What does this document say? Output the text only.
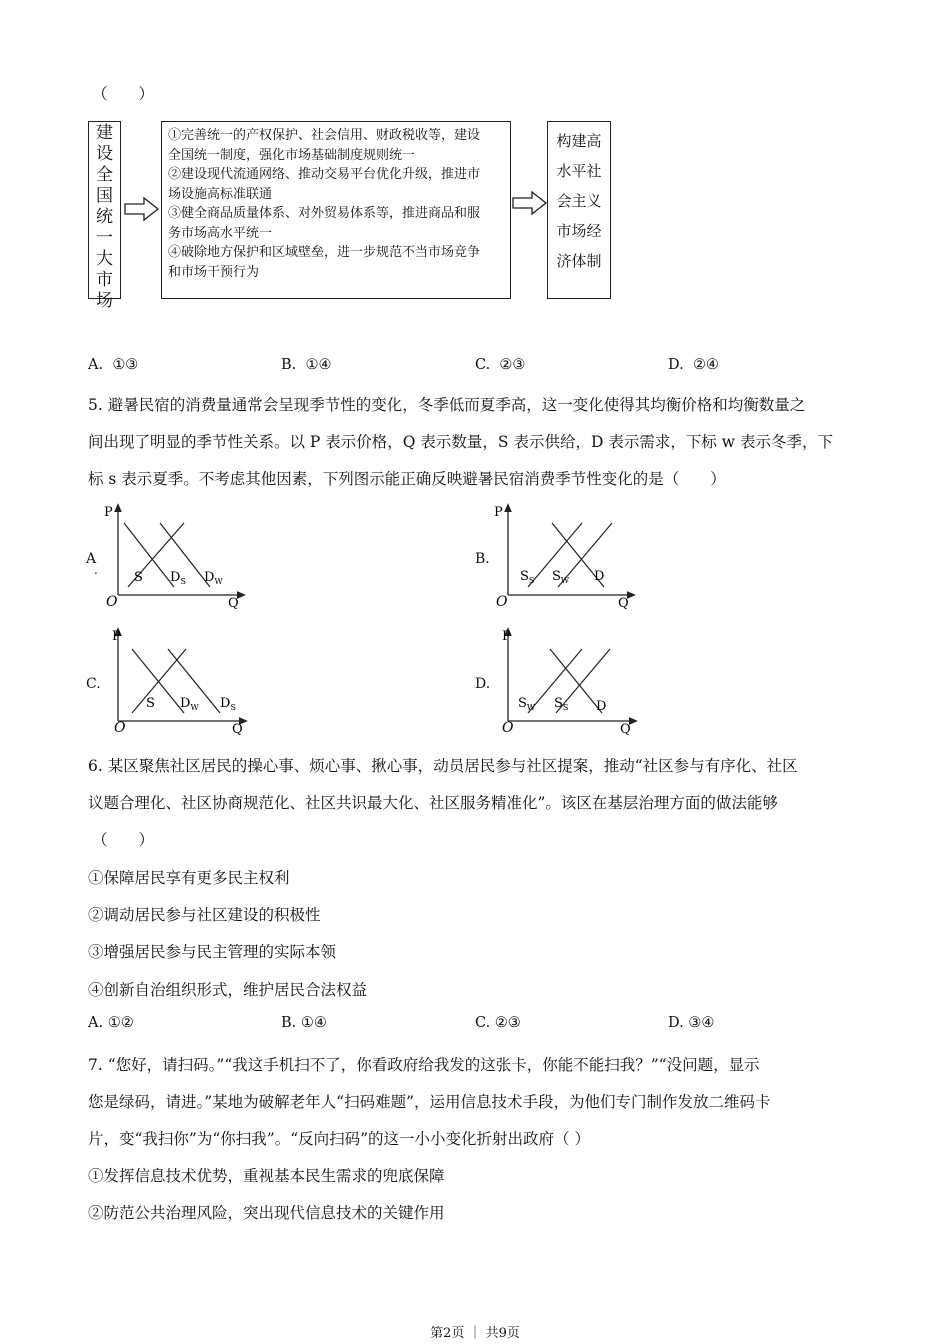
（　　）
建
设
全
国
统
一
大
市
场
①完善统一的产权保护、社会信用、财政税收等，建设
全国统一制度，强化市场基础制度规则统一
②建设现代流通网络、推动交易平台优化升级，推进市
场设施高标准联通
③健全商品质量体系、对外贸易体系等，推进商品和服
务市场高水平统一
④破除地方保护和区域壁垒，进一步规范不当市场竞争
和市场干预行为
构建高
水平社
会主义
市场经
济体制
A. ①③	B. ①④	C. ②③	D. ②④
5. 避暑民宿的消费量通常会呈现季节性的变化，冬季低而夏季高，这一变化使得其均衡价格和均衡数量之
间出现了明显的季节性关系。以 P 表示价格，Q 表示数量，S 表示供给，D 表示需求，下标 w 表示冬季，下
标 s 表示夏季。不考虑其他因素，下列图示能正确反映避暑民宿消费季节性变化的是（　　）
A
.
P
O	Q
S $D_S$ $D_W$
B.
P
O	Q
$S_S$ $S_W$ D
C.
P
O	Q
S $D_W$ $D_S$
D.
P
O	Q
$S_W$ $S_S$ D
6. 某区聚焦社区居民的操心事、烦心事、揪心事，动员居民参与社区提案，推动“社区参与有序化、社区
议题合理化、社区协商规范化、社区共识最大化、社区服务精准化”。该区在基层治理方面的做法能够
（　　）
①保障居民享有更多民主权利
②调动居民参与社区建设的积极性
③增强居民参与民主管理的实际本领
④创新自治组织形式，维护居民合法权益
A. ①②	B. ①④	C. ②③	D. ③④
7. “您好，请扫码。”“我这手机扫不了，你看政府给我发的这张卡，你能不能扫我？”“没问题，显示
您是绿码，请进。”某地为破解老年人“扫码难题”，运用信息技术手段，为他们专门制作发放二维码卡
片，变“我扫你”为“你扫我”。“反向扫码”的这一小小变化折射出政府（ ）
①发挥信息技术优势，重视基本民生需求的兜底保障
②防范公共治理风险，突出现代信息技术的关键作用
第2页 ｜ 共9页
